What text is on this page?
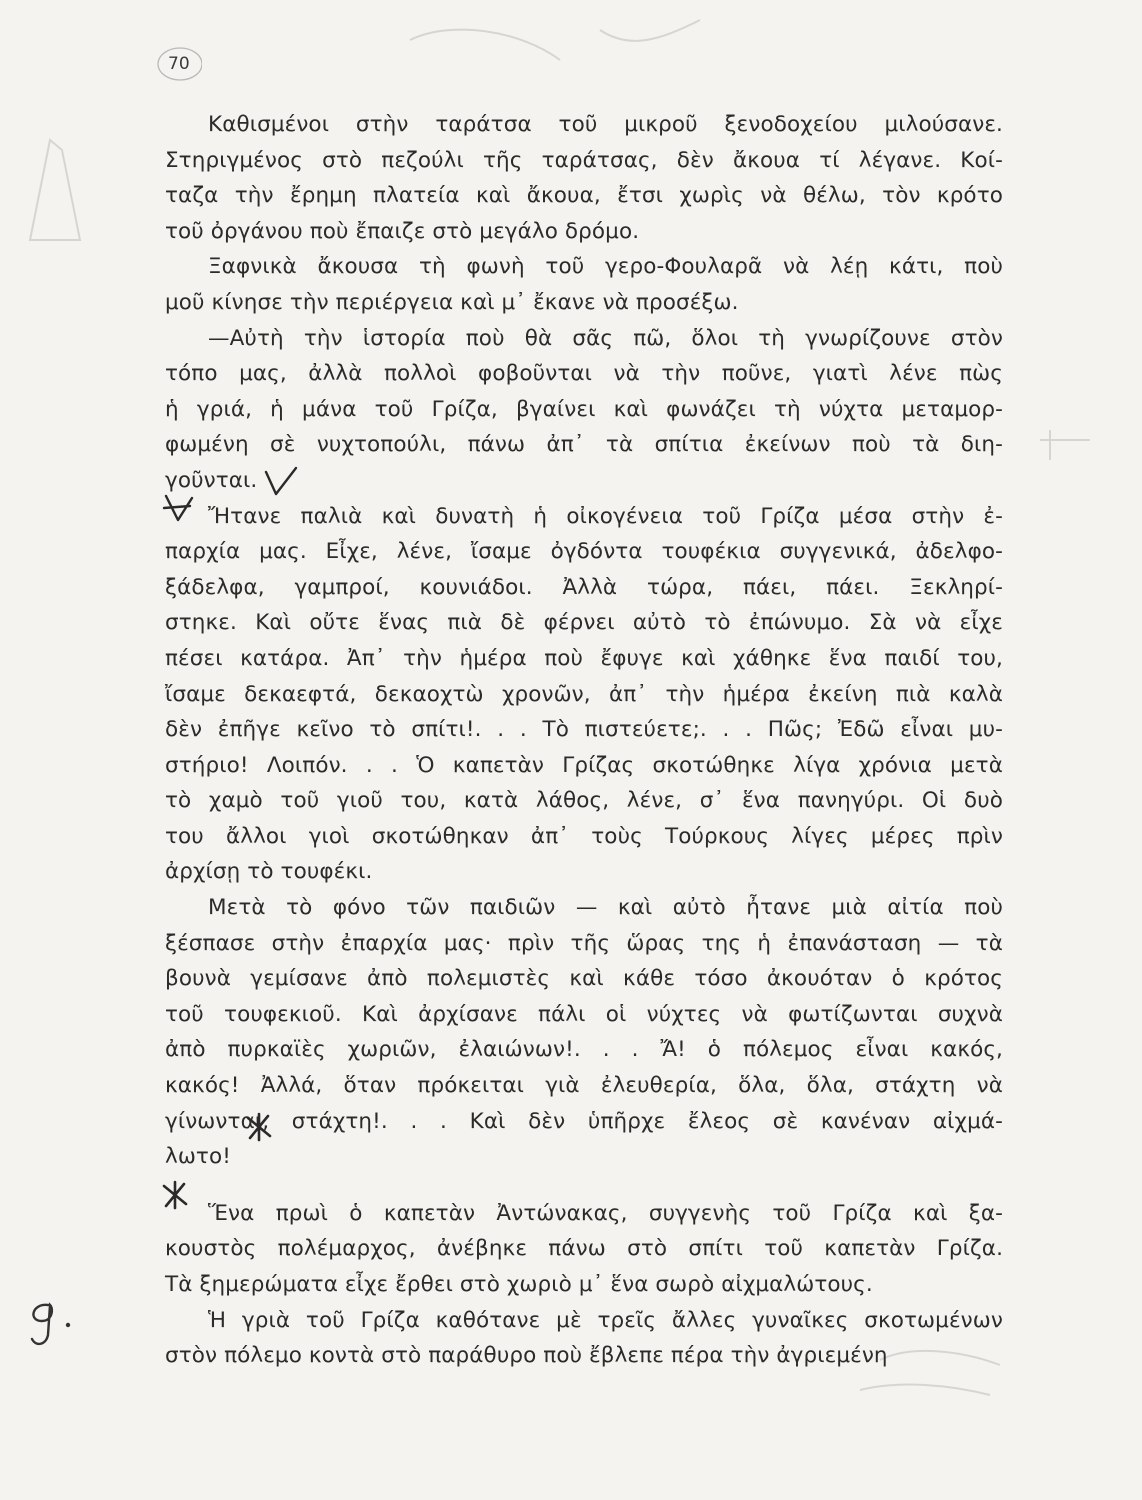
70

Καθισμένοι στὴν ταράτσα τοῦ μικροῦ ξενοδοχείου μιλούσανε.
Στηριγμένος στὸ πεζούλι τῆς ταράτσας, δὲν ἄκουα τί λέγανε. Κοί-
ταζα τὴν ἔρημη πλατεία καὶ ἄκουα, ἔτσι χωρὶς νὰ θέλω, τὸν κρότο
τοῦ ὀργάνου ποὺ ἔπαιζε στὸ μεγάλο δρόμο.

Ξαφνικὰ ἄκουσα τὴ φωνὴ τοῦ γερο-Φουλαρᾶ νὰ λέῃ κάτι, ποὺ
μοῦ κίνησε τὴν περιέργεια καὶ μ᾽ ἔκανε νὰ προσέξω.

—Αὐτὴ τὴν ἱστορία ποὺ θὰ σᾶς πῶ, ὅλοι τὴ γνωρίζουνε στὸν
τόπο μας, ἀλλὰ πολλοὶ φοβοῦνται νὰ τὴν ποῦνε, γιατὶ λένε πὼς
ἡ γριά, ἡ μάνα τοῦ Γρίζα, βγαίνει καὶ φωνάζει τὴ νύχτα μεταμορ-
φωμένη σὲ νυχτοπούλι, πάνω ἀπ᾽ τὰ σπίτια ἐκείνων ποὺ τὰ διη-
γοῦνται.

Ἤτανε παλιὰ καὶ δυνατὴ ἡ οἰκογένεια τοῦ Γρίζα μέσα στὴν ἐ-
παρχία μας. Εἶχε, λένε, ἴσαμε ὀγδόντα τουφέκια συγγενικά, ἀδελφο-
ξάδελφα, γαμπροί, κουνιάδοι. Ἀλλὰ τώρα, πάει, πάει. Ξεκληρί-
στηκε. Καὶ οὔτε ἕνας πιὰ δὲ φέρνει αὐτὸ τὸ ἐπώνυμο. Σὰ νὰ εἶχε
πέσει κατάρα. Ἀπ᾽ τὴν ἡμέρα ποὺ ἔφυγε καὶ χάθηκε ἕνα παιδί του,
ἴσαμε δεκαεφτά, δεκαοχτὼ χρονῶν, ἀπ᾽ τὴν ἡμέρα ἐκείνη πιὰ καλὰ
δὲν ἐπῆγε κεῖνο τὸ σπίτι!. . . Τὸ πιστεύετε;. . . Πῶς; Ἐδῶ εἶναι μυ-
στήριο! Λοιπόν. . . Ὁ καπετὰν Γρίζας σκοτώθηκε λίγα χρόνια μετὰ
τὸ χαμὸ τοῦ γιοῦ του, κατὰ λάθος, λένε, σ᾽ ἕνα πανηγύρι. Οἱ δυὸ
του ἄλλοι γιοὶ σκοτώθηκαν ἀπ᾽ τοὺς Τούρκους λίγες μέρες πρὶν
ἀρχίσῃ τὸ τουφέκι.

Μετὰ τὸ φόνο τῶν παιδιῶν — καὶ αὐτὸ ἦτανε μιὰ αἰτία ποὺ
ξέσπασε στὴν ἐπαρχία μας· πρὶν τῆς ὥρας της ἡ ἐπανάσταση — τὰ
βουνὰ γεμίσανε ἀπὸ πολεμιστὲς καὶ κάθε τόσο ἀκουόταν ὁ κρότος
τοῦ τουφεκιοῦ. Καὶ ἀρχίσανε πάλι οἱ νύχτες νὰ φωτίζωνται συχνὰ
ἀπὸ πυρκαϊὲς χωριῶν, ἐλαιώνων!. . . Ἄ! ὁ πόλεμος εἶναι κακός,
κακός! Ἀλλά, ὅταν πρόκειται γιὰ ἐλευθερία, ὅλα, ὅλα, στάχτη νὰ
γίνωνται, στάχτη!. . . Καὶ δὲν ὑπῆρχε ἔλεος σὲ κανέναν αἰχμά-
λωτο!

Ἕνα πρωὶ ὁ καπετὰν Ἀντώνακας, συγγενὴς τοῦ Γρίζα καὶ ξα-
κουστὸς πολέμαρχος, ἀνέβηκε πάνω στὸ σπίτι τοῦ καπετὰν Γρίζα.
Τὰ ξημερώματα εἶχε ἔρθει στὸ χωριὸ μ᾽ ἕνα σωρὸ αἰχμαλώτους.

Ἡ γριὰ τοῦ Γρίζα καθότανε μὲ τρεῖς ἄλλες γυναῖκες σκοτωμένων
στὸν πόλεμο κοντὰ στὸ παράθυρο ποὺ ἔβλεπε πέρα τὴν ἀγριεμένη
